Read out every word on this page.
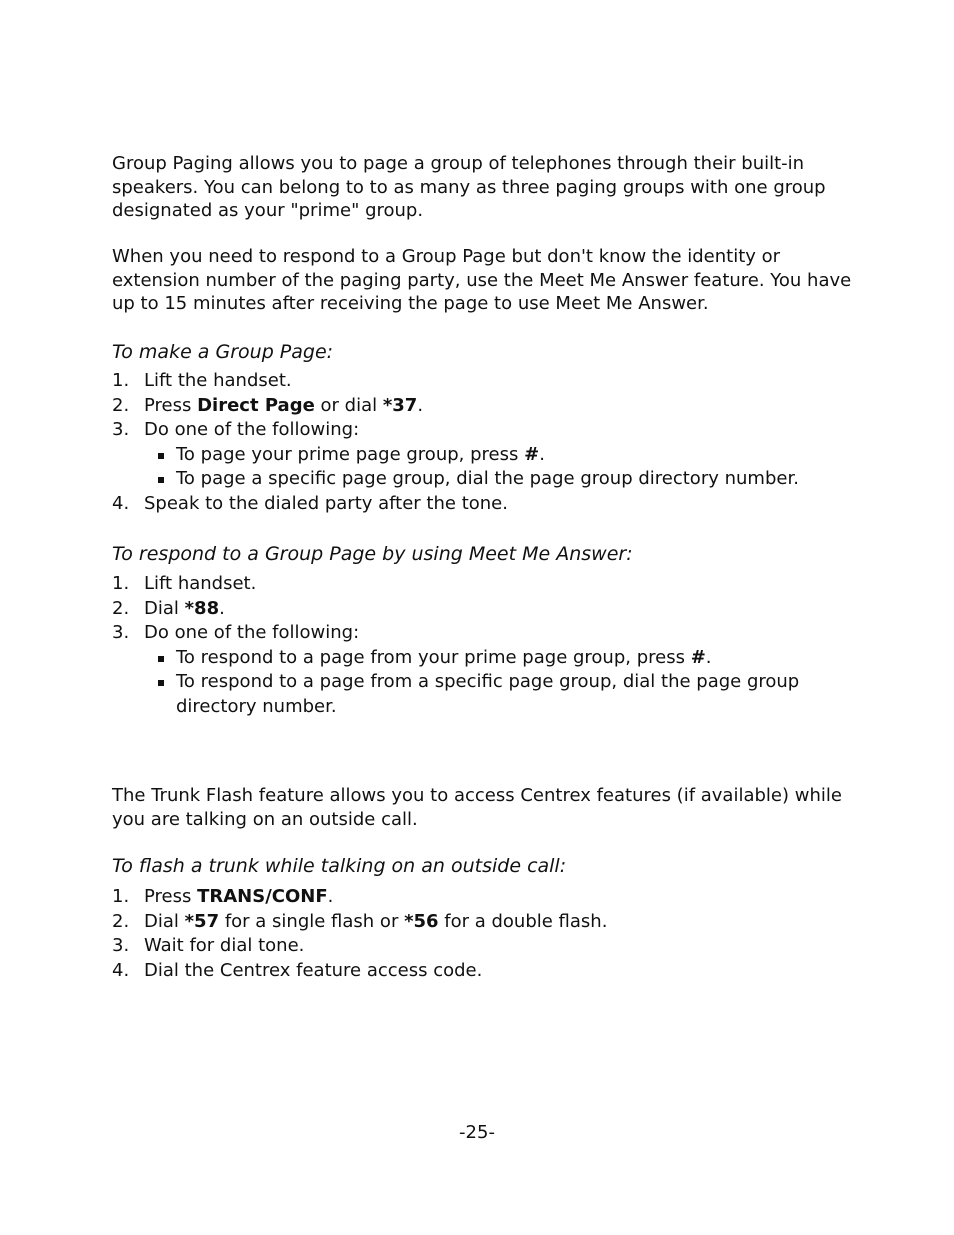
Group Paging allows you to page a group of telephones through their built-in speakers. You can belong to to as many as three paging groups with one group designated as your "prime" group.

When you need to respond to a Group Page but don't know the identity or extension number of the paging party, use the Meet Me Answer feature. You have up to 15 minutes after receiving the page to use Meet Me Answer.

To make a Group Page:

1. Lift the handset.
2. Press Direct Page or dial *37.
3. Do one of the following:
To page your prime page group, press #.
To page a specific page group, dial the page group directory number.
4. Speak to the dialed party after the tone.

To respond to a Group Page by using Meet Me Answer:

1. Lift handset.
2. Dial *88.
3. Do one of the following:
To respond to a page from your prime page group, press #.
To respond to a page from a specific page group, dial the page group directory number.

The Trunk Flash feature allows you to access Centrex features (if available) while you are talking on an outside call.

To flash a trunk while talking on an outside call:

1. Press TRANS/CONF.
2. Dial *57 for a single flash or *56 for a double flash.
3. Wait for dial tone.
4. Dial the Centrex feature access code.
-25-
